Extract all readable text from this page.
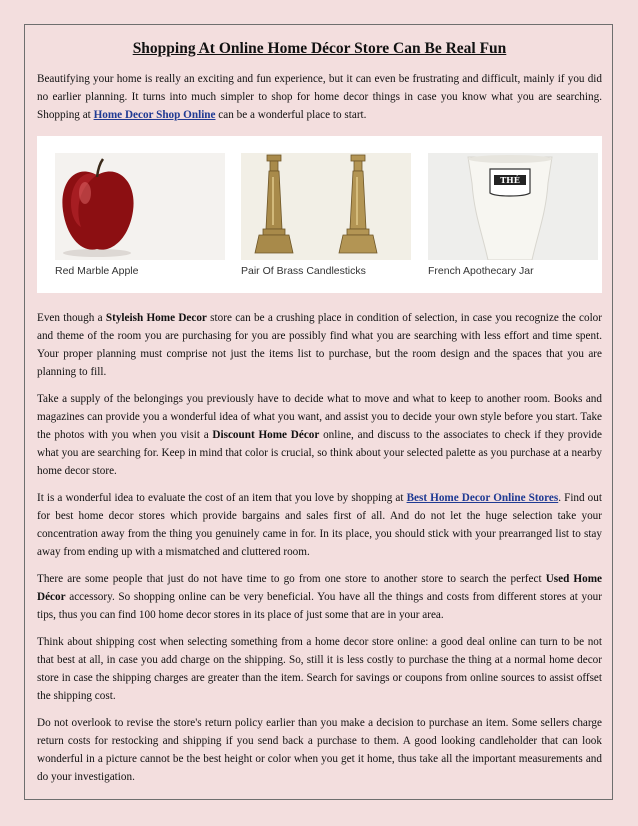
Shopping At Online Home Décor Store Can Be Real Fun

Beautifying your home is really an exciting and fun experience, but it can even be frustrating and difficult, mainly if you did no earlier planning. It turns into much simpler to shop for home decor things in case you know what you are searching. Shopping at Home Decor Shop Online can be a wonderful place to start.

Red Marble Apple	Pair Of Brass Candlesticks
THÉ
French Apothecary Jar

Even though a Styleish Home Decor store can be a crushing place in condition of selection, in case you recognize the color and theme of the room you are purchasing for you are possibly find what you are searching with less effort and time spent. Your proper planning must comprise not just the items list to purchase, but the room design and the spaces that you are planning to fill.

Take a supply of the belongings you previously have to decide what to move and what to keep to another room. Books and magazines can provide you a wonderful idea of what you want, and assist you to decide your own style before you start. Take the photos with you when you visit a Discount Home Décor online, and discuss to the associates to check if they provide what you are searching for. Keep in mind that color is crucial, so think about your selected palette as you purchase at a nearby home decor store.

It is a wonderful idea to evaluate the cost of an item that you love by shopping at Best Home Decor Online Stores. Find out for best home decor stores which provide bargains and sales first of all. And do not let the huge selection take your concentration away from the thing you genuinely came in for. In its place, you should stick with your prearranged list to stay away from ending up with a mismatched and cluttered room.

There are some people that just do not have time to go from one store to another store to search the perfect Used Home Décor accessory. So shopping online can be very beneficial. You have all the things and costs from different stores at your tips, thus you can find 100 home decor stores in its place of just some that are in your area.

Think about shipping cost when selecting something from a home decor store online: a good deal online can turn to be not that best at all, in case you add charge on the shipping. So, still it is less costly to purchase the thing at a normal home decor store in case the shipping charges are greater than the item. Search for savings or coupons from online sources to assist offset the shipping cost.

Do not overlook to revise the store's return policy earlier than you make a decision to purchase an item. Some sellers charge return costs for restocking and shipping if you send back a purchase to them. A good looking candleholder that can look wonderful in a picture cannot be the best height or color when you get it home, thus take all the important measurements and do your investigation.
